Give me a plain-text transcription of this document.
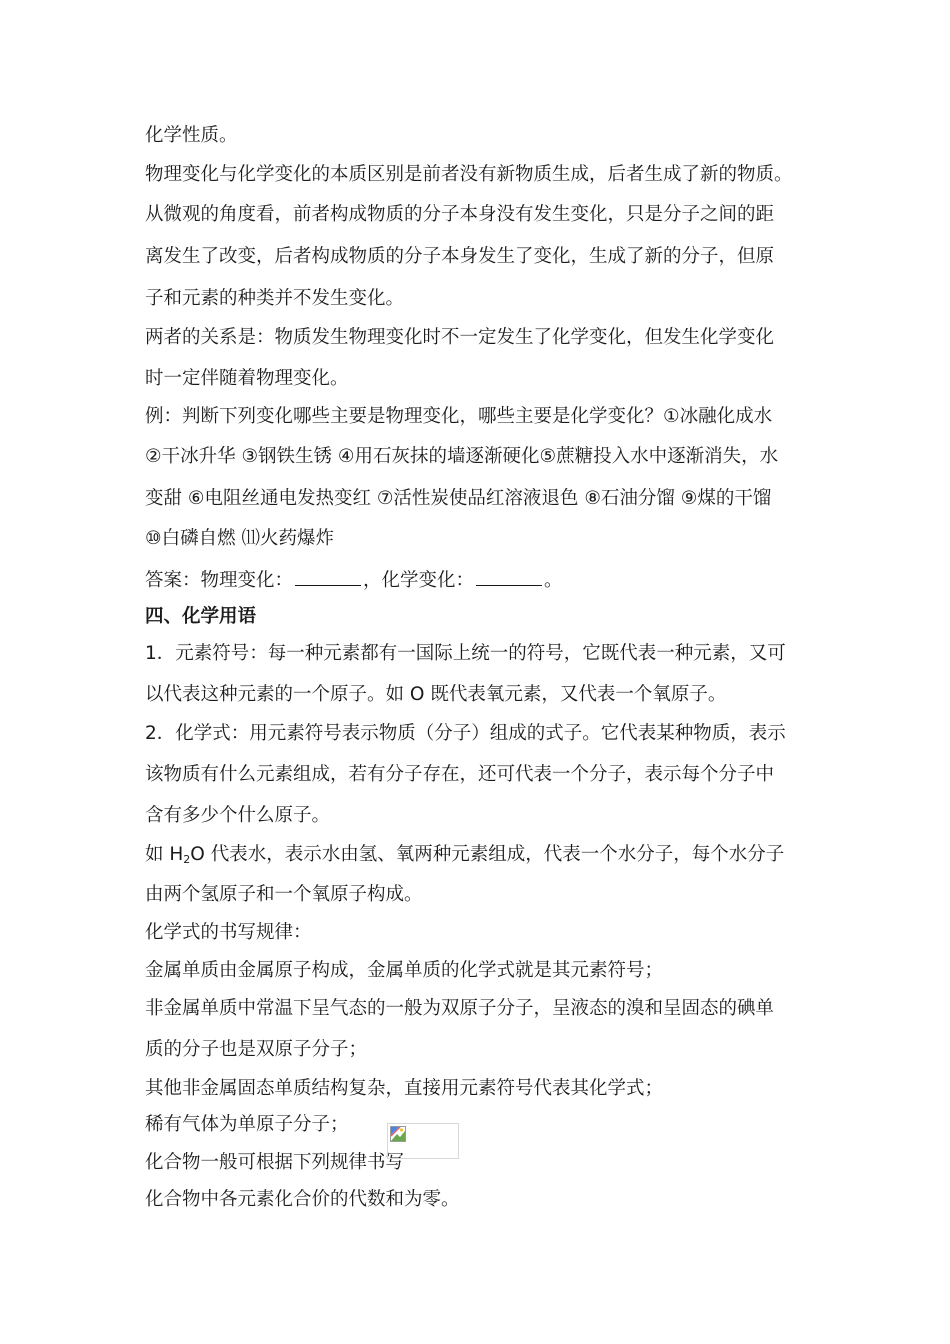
化学性质。
物理变化与化学变化的本质区别是前者没有新物质生成，后者生成了新的物质。
从微观的角度看，前者构成物质的分子本身没有发生变化，只是分子之间的距
离发生了改变，后者构成物质的分子本身发生了变化，生成了新的分子，但原
子和元素的种类并不发生变化。
两者的关系是：物质发生物理变化时不一定发生了化学变化，但发生化学变化
时一定伴随着物理变化。
例：判断下列变化哪些主要是物理变化，哪些主要是化学变化？①冰融化成水
②干冰升华 ③钢铁生锈 ④用石灰抹的墙逐渐硬化⑤蔗糖投入水中逐渐消失，水
变甜 ⑥电阻丝通电发热变红 ⑦活性炭使品红溶液退色 ⑧石油分馏 ⑨煤的干馏
⑩白磷自燃 ⑾火药爆炸
答案：物理变化：	，化学变化：	。
四、化学用语
1．元素符号：每一种元素都有一国际上统一的符号，它既代表一种元素，又可
以代表这种元素的一个原子。如 O 既代表氧元素，又代表一个氧原子。
2．化学式：用元素符号表示物质（分子）组成的式子。它代表某种物质，表示
该物质有什么元素组成，若有分子存在，还可代表一个分子，表示每个分子中
含有多少个什么原子。
如 $H_2O$ 代表水，表示水由氢、氧两种元素组成，代表一个水分子，每个水分子
由两个氢原子和一个氧原子构成。
化学式的书写规律：
金属单质由金属原子构成，金属单质的化学式就是其元素符号；
非金属单质中常温下呈气态的一般为双原子分子，呈液态的溴和呈固态的碘单
质的分子也是双原子分子；
其他非金属固态单质结构复杂，直接用元素符号代表其化学式；
稀有气体为单原子分子；
化合物一般可根据下列规律书写
化合物中各元素化合价的代数和为零。
